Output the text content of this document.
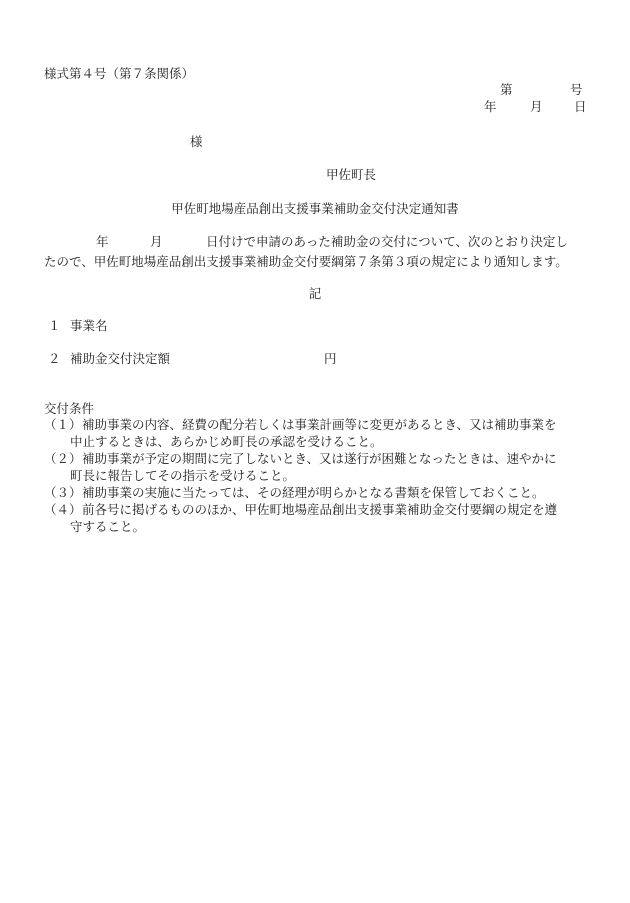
様式第４号（第７条関係）
第	号
年	月	日
様
甲佐町長
甲佐町地場産品創出支援事業補助金交付決定通知書
年	月	日付けで申請のあった補助金の交付について、次のとおり決定し
たので、甲佐町地場産品創出支援事業補助金交付要綱第７条第３項の規定により通知します。
記
１ 事業名
２ 補助金交付決定額	円
交付条件
（１） 補助事業の内容、経費の配分若しくは事業計画等に変更があるとき、又は補助事業を
中止するときは、あらかじめ町長の承認を受けること。
（２） 補助事業が予定の期間に完了しないとき、又は遂行が困難となったときは、速やかに
町長に報告してその指示を受けること。
（３） 補助事業の実施に当たっては、その経理が明らかとなる書類を保管しておくこと。
（４） 前各号に掲げるもののほか、甲佐町地場産品創出支援事業補助金交付要綱の規定を遵
守すること。
